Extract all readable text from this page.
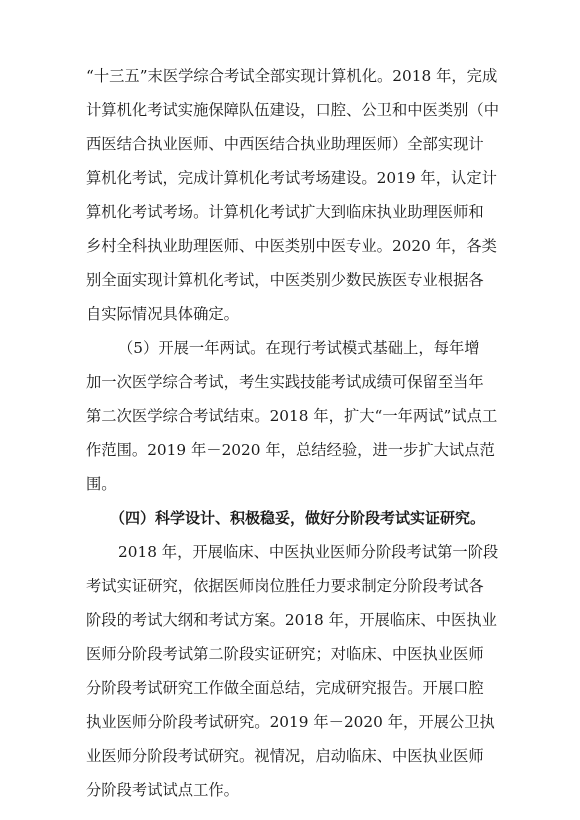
“十三五”末医学综合考试全部实现计算机化。2018 年，完成
计算机化考试实施保障队伍建设，口腔、公卫和中医类别（中
西医结合执业医师、中西医结合执业助理医师）全部实现计
算机化考试，完成计算机化考试考场建设。2019 年，认定计
算机化考试考场。计算机化考试扩大到临床执业助理医师和
乡村全科执业助理医师、中医类别中医专业。2020 年，各类
别全面实现计算机化考试，中医类别少数民族医专业根据各
自实际情况具体确定。
（5）开展一年两试。在现行考试模式基础上，每年增
加一次医学综合考试，考生实践技能考试成绩可保留至当年
第二次医学综合考试结束。2018 年，扩大“一年两试”试点工
作范围。2019 年－2020 年，总结经验，进一步扩大试点范
围。
（四）科学设计、积极稳妥，做好分阶段考试实证研究。
2018 年，开展临床、中医执业医师分阶段考试第一阶段
考试实证研究，依据医师岗位胜任力要求制定分阶段考试各
阶段的考试大纲和考试方案。2018 年，开展临床、中医执业
医师分阶段考试第二阶段实证研究；对临床、中医执业医师
分阶段考试研究工作做全面总结，完成研究报告。开展口腔
执业医师分阶段考试研究。2019 年－2020 年，开展公卫执
业医师分阶段考试研究。视情况，启动临床、中医执业医师
分阶段考试试点工作。
